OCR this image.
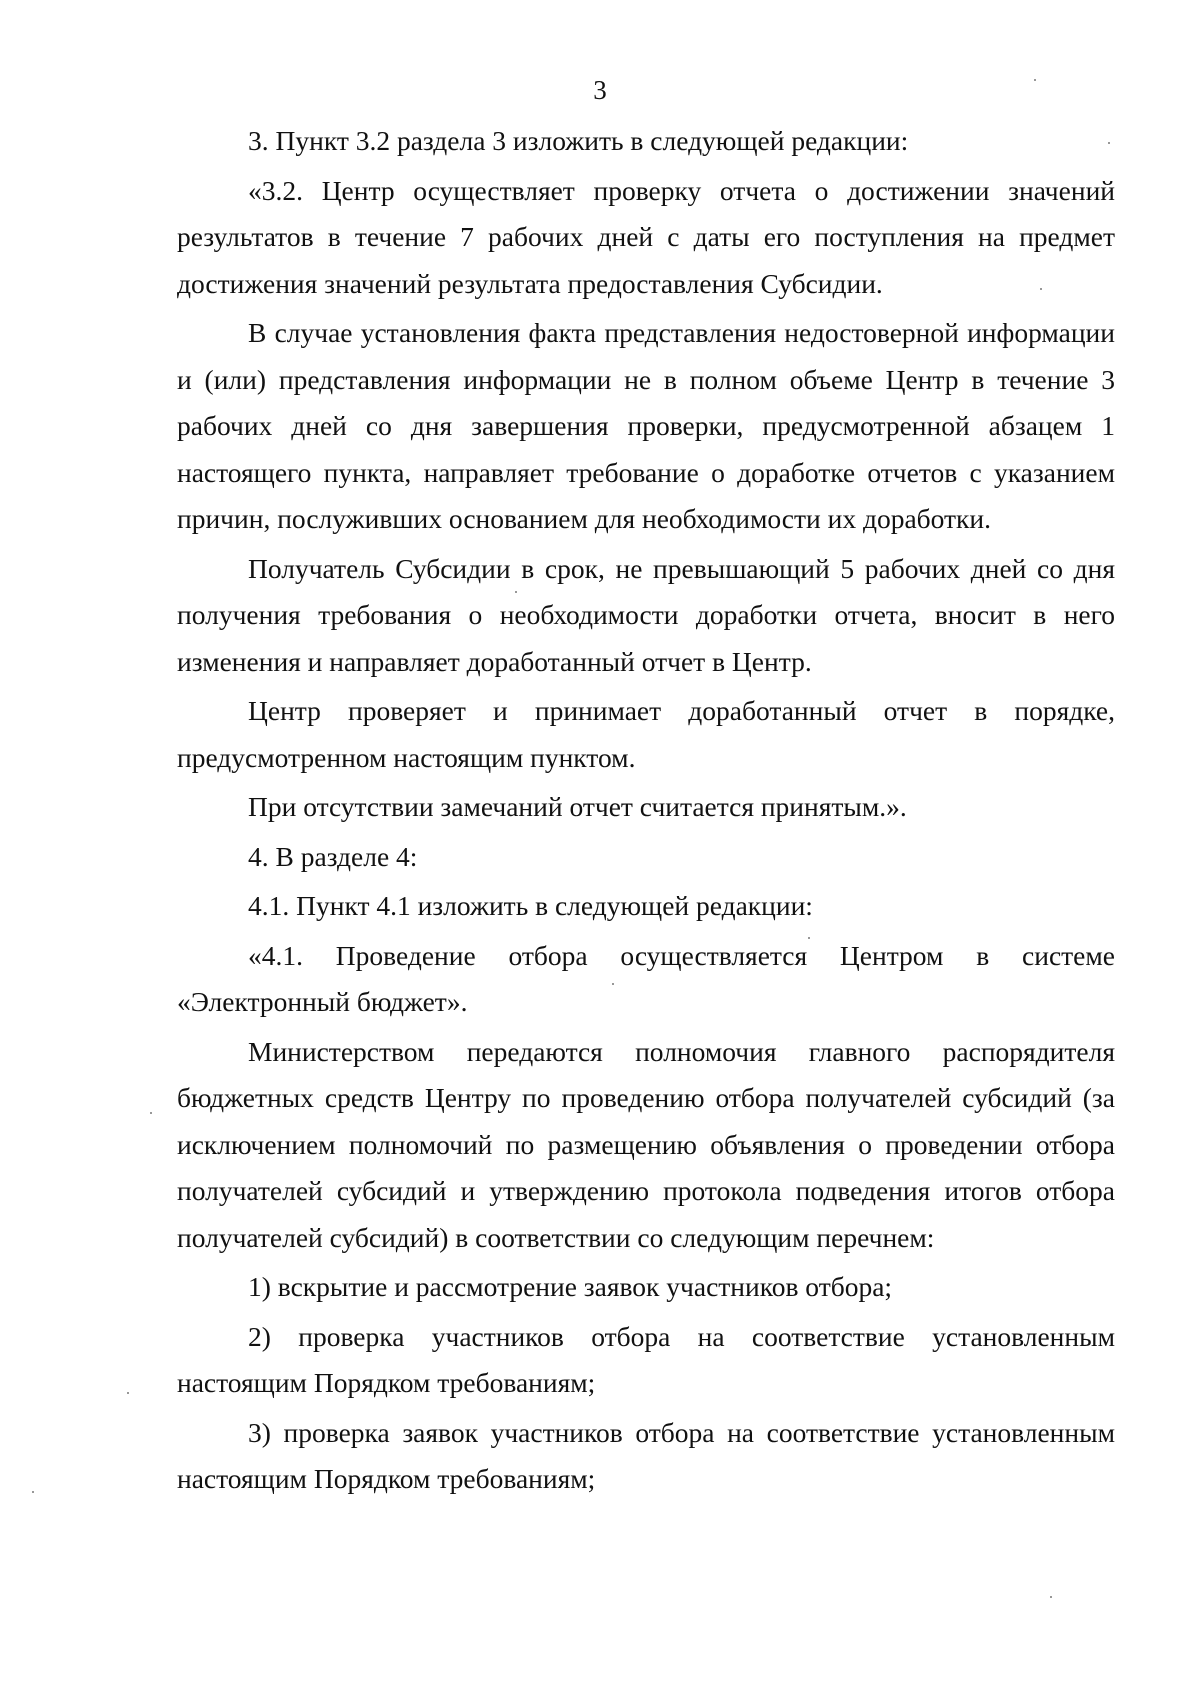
3

3. Пункт 3.2 раздела 3 изложить в следующей редакции:

«3.2. Центр осуществляет проверку отчета о достижении значений результатов в течение 7 рабочих дней с даты его поступления на предмет достижения значений результата предоставления Субсидии.

В случае установления факта представления недостоверной информации и (или) представления информации не в полном объеме Центр в течение 3 рабочих дней со дня завершения проверки, предусмотренной абзацем 1 настоящего пункта, направляет требование о доработке отчетов с указанием причин, послуживших основанием для необходимости их доработки.

Получатель Субсидии в срок, не превышающий 5 рабочих дней со дня получения требования о необходимости доработки отчета, вносит в него изменения и направляет доработанный отчет в Центр.

Центр проверяет и принимает доработанный отчет в порядке, предусмотренном настоящим пунктом.

При отсутствии замечаний отчет считается принятым.».

4. В разделе 4:

4.1. Пункт 4.1 изложить в следующей редакции:

«4.1. Проведение отбора осуществляется Центром в системе «Электронный бюджет».

Министерством передаются полномочия главного распорядителя бюджетных средств Центру по проведению отбора получателей субсидий (за исключением полномочий по размещению объявления о проведении отбора получателей субсидий и утверждению протокола подведения итогов отбора получателей субсидий) в соответствии со следующим перечнем:

1) вскрытие и рассмотрение заявок участников отбора;

2) проверка участников отбора на соответствие установленным настоящим Порядком требованиям;

3) проверка заявок участников отбора на соответствие установленным настоящим Порядком требованиям;
